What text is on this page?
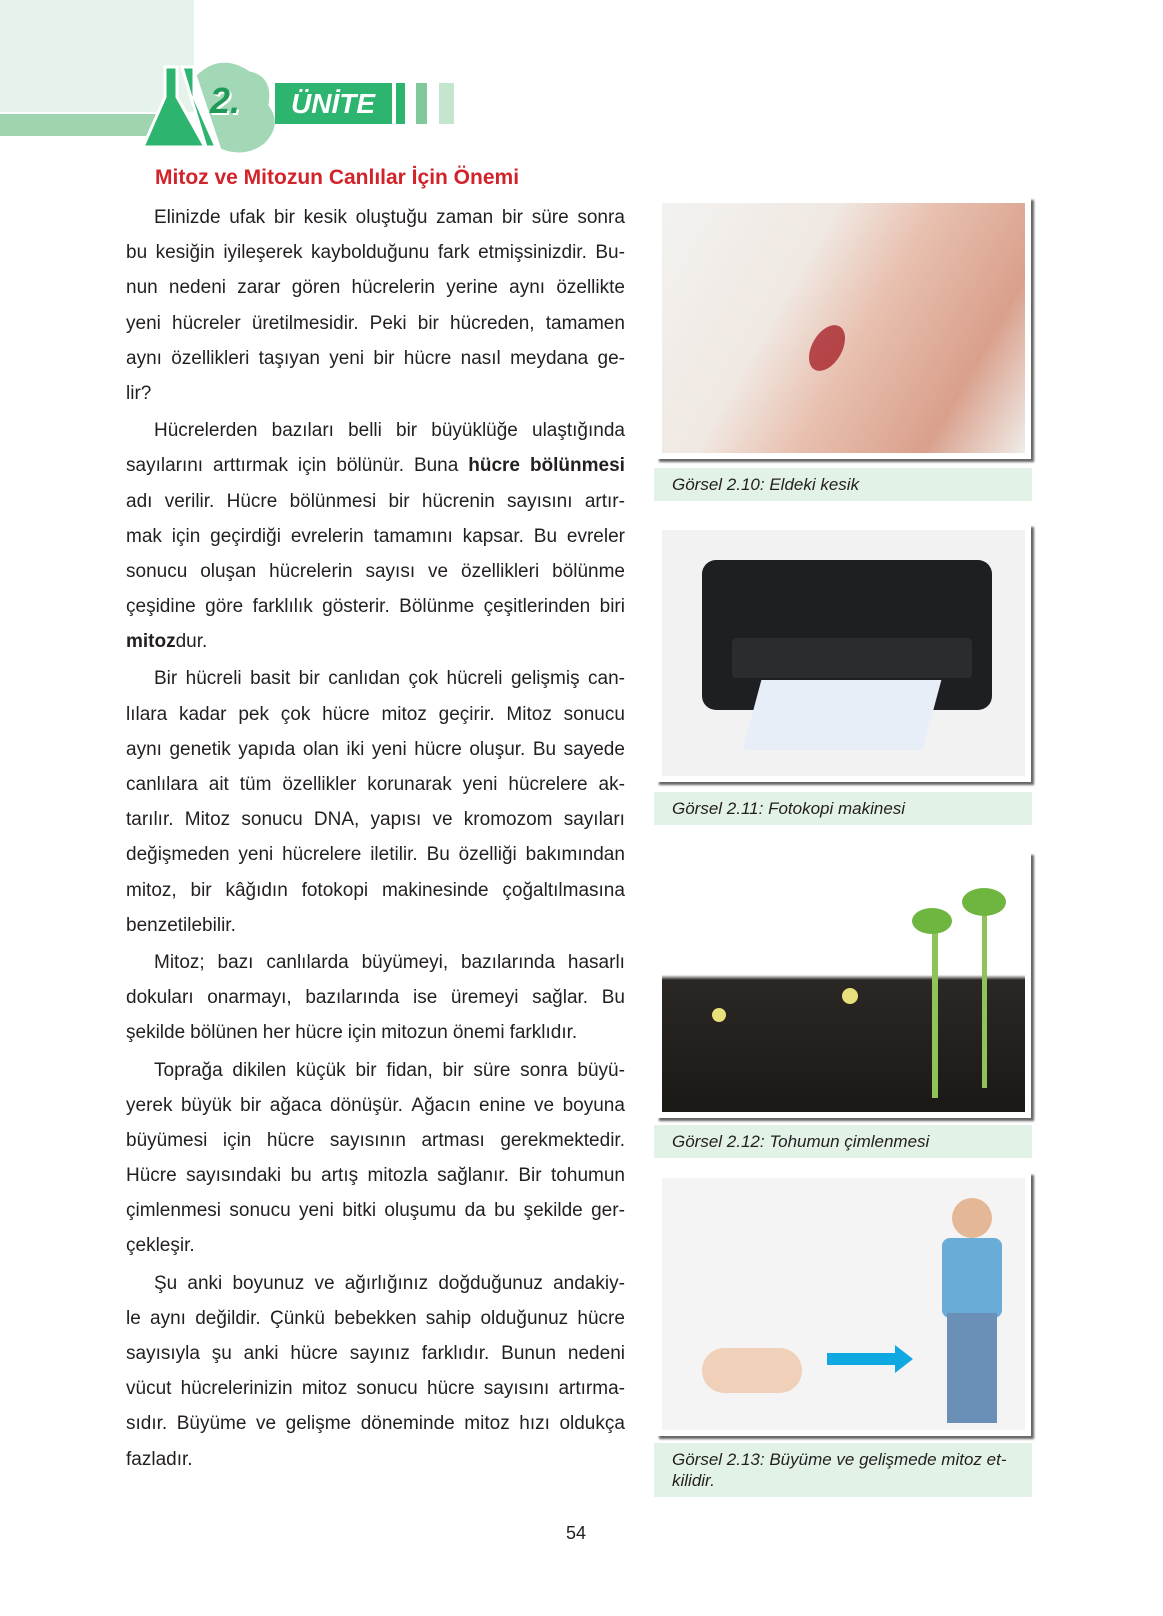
2.	ÜNİTE
Mitoz ve Mitozun Canlılar İçin Önemi
Elinizde ufak bir kesik oluştuğu zaman bir süre sonra
bu kesiğin iyileşerek kaybolduğunu fark etmişsinizdir. Bu-
nun nedeni zarar gören hücrelerin yerine aynı özellikte
yeni hücreler üretilmesidir. Peki bir hücreden, tamamen
aynı özellikleri taşıyan yeni bir hücre nasıl meydana ge-
lir?
Hücrelerden bazıları belli bir büyüklüğe ulaştığında
sayılarını arttırmak için bölünür. Buna hücre bölünmesi
adı verilir. Hücre bölünmesi bir hücrenin sayısını artır-
mak için geçirdiği evrelerin tamamını kapsar. Bu evreler
sonucu oluşan hücrelerin sayısı ve özellikleri bölünme
çeşidine göre farklılık gösterir. Bölünme çeşitlerinden biri
mitoz dur.
Bir hücreli basit bir canlıdan çok hücreli gelişmiş can-
lılara kadar pek çok hücre mitoz geçirir. Mitoz sonucu
aynı genetik yapıda olan iki yeni hücre oluşur. Bu sayede
canlılara ait tüm özellikler korunarak yeni hücrelere ak-
tarılır. Mitoz sonucu DNA, yapısı ve kromozom sayıları
değişmeden yeni hücrelere iletilir. Bu özelliği bakımından
mitoz, bir kâğıdın fotokopi makinesinde çoğaltılmasına
benzetilebilir.
Mitoz; bazı canlılarda büyümeyi, bazılarında hasarlı
dokuları onarmayı, bazılarında ise üremeyi sağlar. Bu
şekilde bölünen her hücre için mitozun önemi farklıdır.
Toprağa dikilen küçük bir fidan, bir süre sonra büyü-
yerek büyük bir ağaca dönüşür. Ağacın enine ve boyuna
büyümesi için hücre sayısının artması gerekmektedir.
Hücre sayısındaki bu artış mitozla sağlanır. Bir tohumun
çimlenmesi sonucu yeni bitki oluşumu da bu şekilde ger-
çekleşir.
Şu anki boyunuz ve ağırlığınız doğduğunuz andakiy-
le aynı değildir. Çünkü bebekken sahip olduğunuz hücre
sayısıyla şu anki hücre sayınız farklıdır. Bunun nedeni
vücut hücrelerinizin mitoz sonucu hücre sayısını artırma-
sıdır. Büyüme ve gelişme döneminde mitoz hızı oldukça
fazladır.
Görsel 2.10: Eldeki kesik
Görsel 2.11: Fotokopi makinesi
Görsel 2.12: Tohumun çimlenmesi
Görsel 2.13: Büyüme ve gelişmede mitoz et- kilidir.
54
